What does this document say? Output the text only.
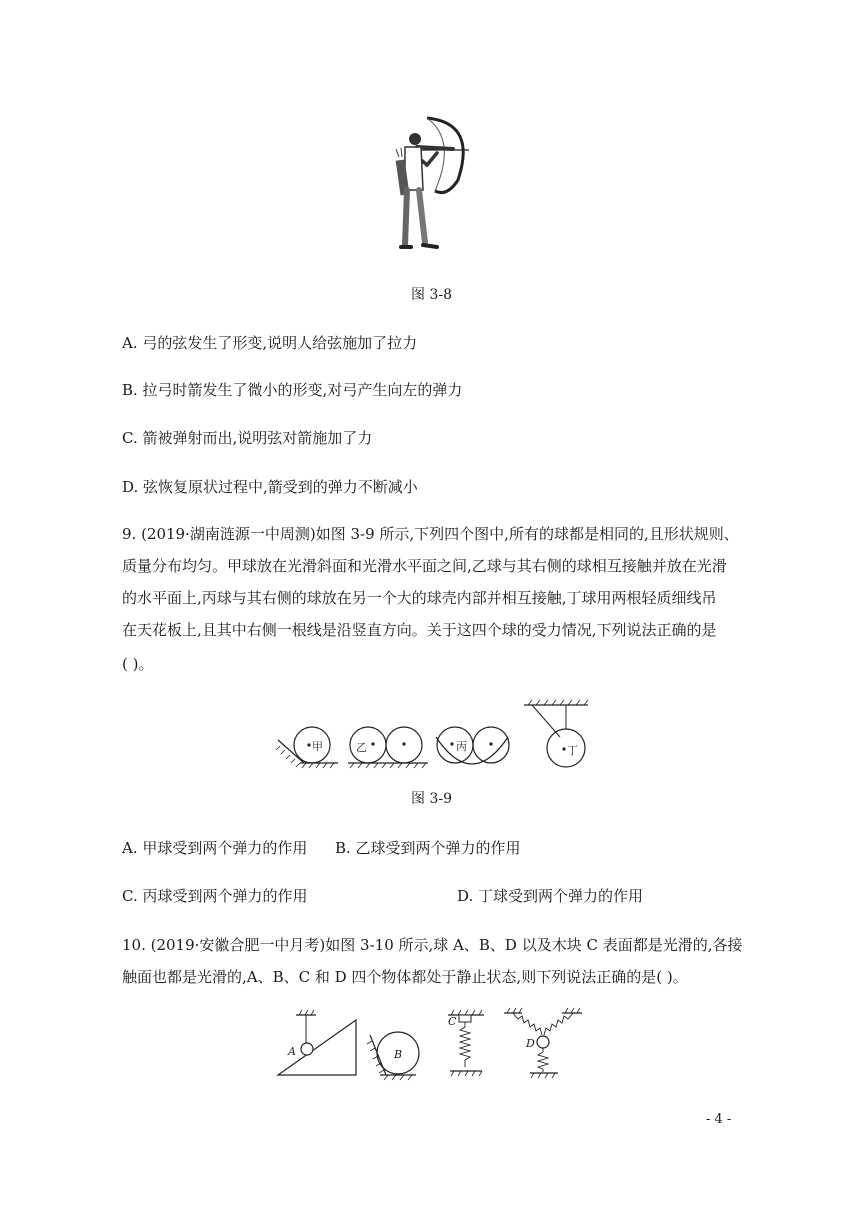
图 3-8
A. 弓的弦发生了形变,说明人给弦施加了拉力
B. 拉弓时箭发生了微小的形变,对弓产生向左的弹力
C. 箭被弹射而出,说明弦对箭施加了力
D. 弦恢复原状过程中,箭受到的弹力不断减小
9. (2019·湖南涟源一中周测)如图 3-9 所示,下列四个图中,所有的球都是相同的,且形状规则、
质量分布均匀。甲球放在光滑斜面和光滑水平面之间,乙球与其右侧的球相互接触并放在光滑
的水平面上,丙球与其右侧的球放在另一个大的球壳内部并相互接触,丁球用两根轻质细线吊
在天花板上,且其中右侧一根线是沿竖直方向。关于这四个球的受力情况,下列说法正确的是
( )。
甲	乙	丙	丁
图 3-9
A. 甲球受到两个弹力的作用 B. 乙球受到两个弹力的作用
C. 丙球受到两个弹力的作用	D. 丁球受到两个弹力的作用
10. (2019·安徽合肥一中月考)如图 3-10 所示,球 A、B、D 以及木块 C 表面都是光滑的,各接
触面也都是光滑的,A、B、C 和 D 四个物体都处于静止状态,则下列说法正确的是( )。
A	B
C
D
- 4 -
